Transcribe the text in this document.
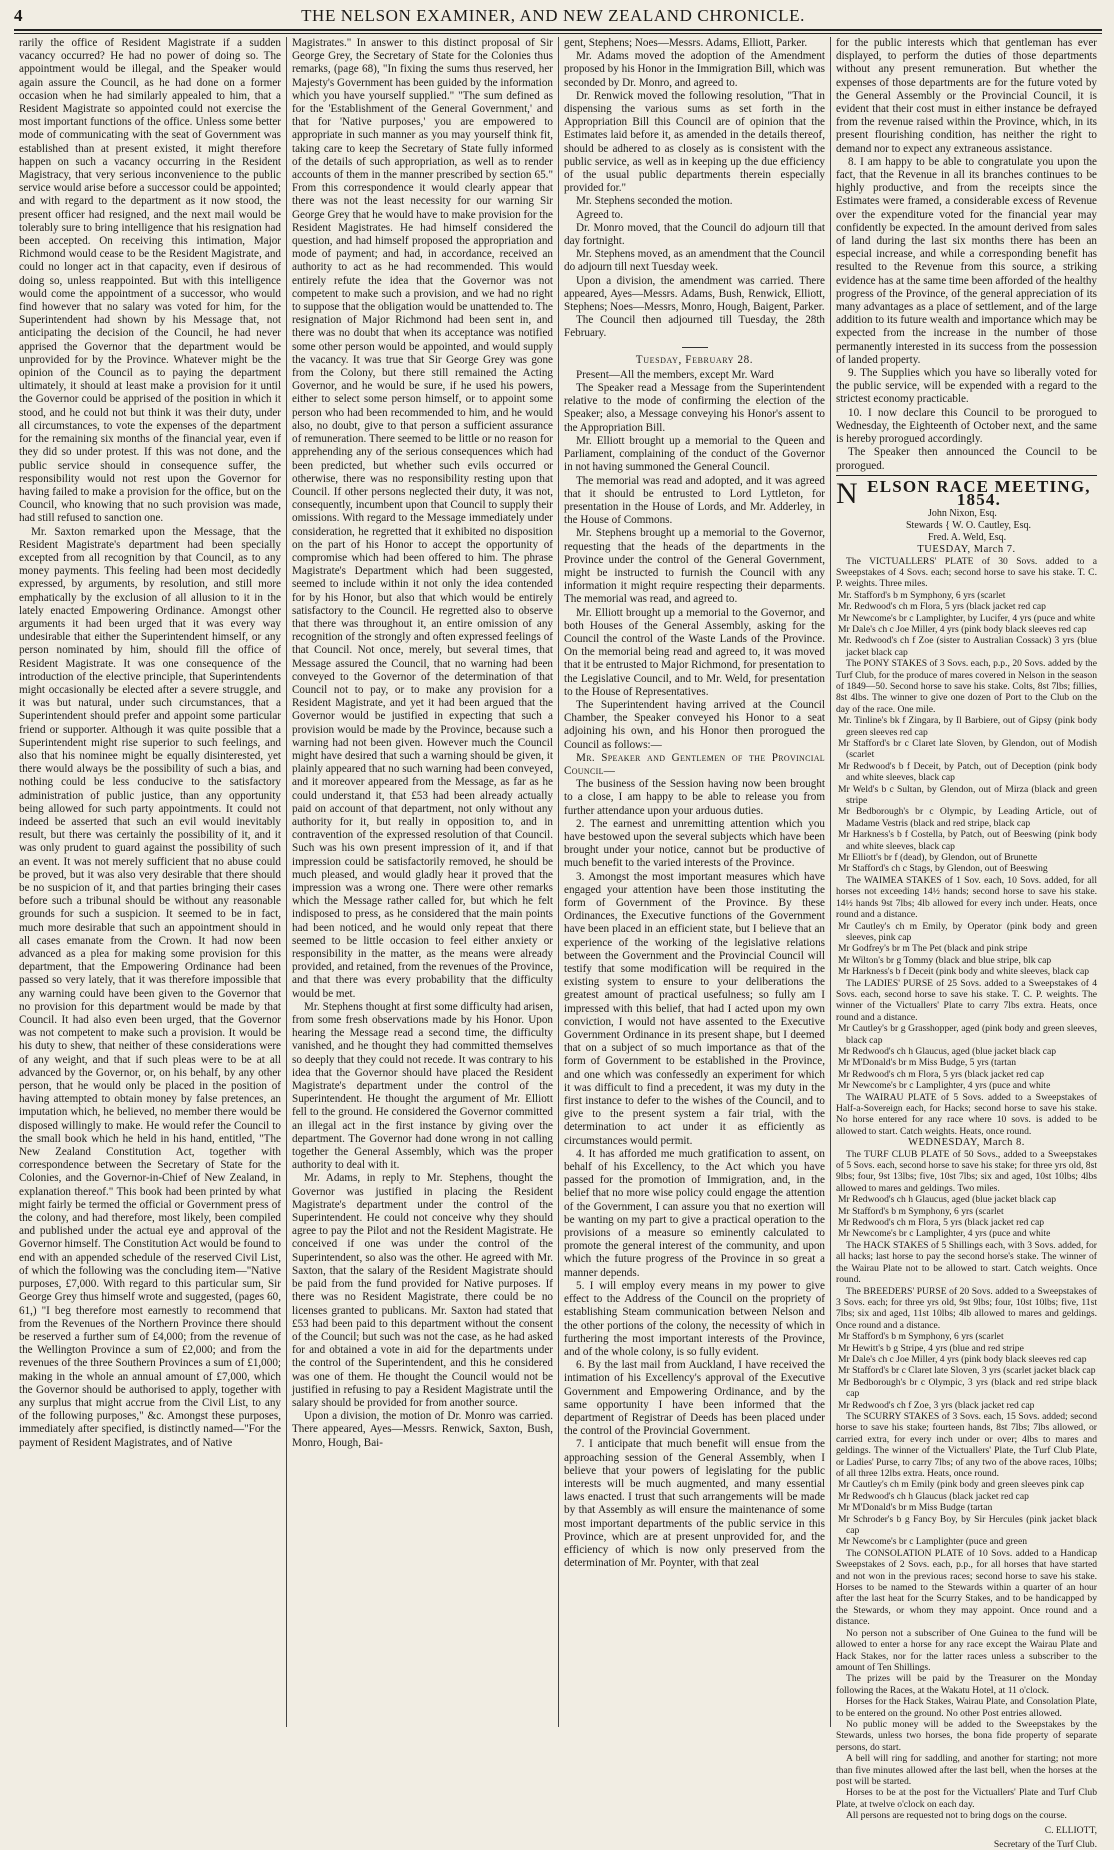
4	THE NELSON EXAMINER, AND NEW ZEALAND CHRONICLE.

rarily the office of Resident Magistrate if a sudden vacancy occurred? He had no power of doing so. The appointment would be illegal, and the Speaker would again assure the Council, as he had done on a former occasion when he had similarly appealed to him, that a Resident Magistrate so appointed could not exercise the most important functions of the office. Unless some better mode of communicating with the seat of Government was established than at present existed, it might therefore happen on such a vacancy occurring in the Resident Magistracy, that very serious inconvenience to the public service would arise before a successor could be appointed; and with regard to the department as it now stood, the present officer had resigned, and the next mail would be tolerably sure to bring intelligence that his resignation had been accepted. On receiving this intimation, Major Richmond would cease to be the Resident Magistrate, and could no longer act in that capacity, even if desirous of doing so, unless reappointed. But with this intelligence would come the appointment of a successor, who would find however that no salary was voted for him, for the Superintendent had shown by his Message that, not anticipating the decision of the Council, he had never apprised the Governor that the department would be unprovided for by the Province. Whatever might be the opinion of the Council as to paying the department ultimately, it should at least make a provision for it until the Governor could be apprised of the position in which it stood, and he could not but think it was their duty, under all circumstances, to vote the expenses of the department for the remaining six months of the financial year, even if they did so under protest. If this was not done, and the public service should in consequence suffer, the responsibility would not rest upon the Governor for having failed to make a provision for the office, but on the Council, who knowing that no such provision was made, had still refused to sanction one.

Mr. Saxton remarked upon the Message, that the Resident Magistrate's department had been specially excepted from all recognition by that Council, as to any money payments. This feeling had been most decidedly expressed, by arguments, by resolution, and still more emphatically by the exclusion of all allusion to it in the lately enacted Empowering Ordinance. Amongst other arguments it had been urged that it was every way undesirable that either the Superintendent himself, or any person nominated by him, should fill the office of Resident Magistrate. It was one consequence of the introduction of the elective principle, that Superintendents might occasionally be elected after a severe struggle, and it was but natural, under such circumstances, that a Superintendent should prefer and appoint some particular friend or supporter. Although it was quite possible that a Superintendent might rise superior to such feelings, and also that his nominee might be equally disinterested, yet there would always be the possibility of such a bias, and nothing could be less conducive to the satisfactory administration of public justice, than any opportunity being allowed for such party appointments. It could not indeed be asserted that such an evil would inevitably result, but there was certainly the possibility of it, and it was only prudent to guard against the possibility of such an event. It was not merely sufficient that no abuse could be proved, but it was also very desirable that there should be no suspicion of it, and that parties bringing their cases before such a tribunal should be without any reasonable grounds for such a suspicion. It seemed to be in fact, much more desirable that such an appointment should in all cases emanate from the Crown. It had now been advanced as a plea for making some provision for this department, that the Empowering Ordinance had been passed so very lately, that it was therefore impossible that any warning could have been given to the Governor that no provision for this department would be made by that Council. It had also even been urged, that the Governor was not competent to make such a provision. It would be his duty to shew, that neither of these considerations were of any weight, and that if such pleas were to be at all advanced by the Governor, or, on his behalf, by any other person, that he would only be placed in the position of having attempted to obtain money by false pretences, an imputation which, he believed, no member there would be disposed willingly to make. He would refer the Council to the small book which he held in his hand, entitled, "The New Zealand Constitution Act, together with correspondence between the Secretary of State for the Colonies, and the Governor-in-Chief of New Zealand, in explanation thereof." This book had been printed by what might fairly be termed the official or Government press of the colony, and had therefore, most likely, been compiled and published under the actual eye and approval of the Governor himself. The Constitution Act would be found to end with an appended schedule of the reserved Civil List, of which the following was the concluding item—"Native purposes, £7,000. With regard to this particular sum, Sir George Grey thus himself wrote and suggested, (pages 60, 61,) "I beg therefore most earnestly to recommend that from the Revenues of the Northern Province there should be reserved a further sum of £4,000; from the revenue of the Wellington Province a sum of £2,000; and from the revenues of the three Southern Provinces a sum of £1,000; making in the whole an annual amount of £7,000, which the Governor should be authorised to apply, together with any surplus that might accrue from the Civil List, to any of the following purposes," &c. Amongst these purposes, immediately after specified, is distinctly named—"For the payment of Resident Magistrates, and of Native

Magistrates." In answer to this distinct proposal of Sir George Grey, the Secretary of State for the Colonies thus remarks, (page 68), "In fixing the sums thus reserved, her Majesty's Government has been guided by the information which you have yourself supplied." "The sum defined as for the 'Establishment of the General Government,' and that for 'Native purposes,' you are empowered to appropriate in such manner as you may yourself think fit, taking care to keep the Secretary of State fully informed of the details of such appropriation, as well as to render accounts of them in the manner prescribed by section 65." From this correspondence it would clearly appear that there was not the least necessity for our warning Sir George Grey that he would have to make provision for the Resident Magistrates. He had himself considered the question, and had himself proposed the appropriation and mode of payment; and had, in accordance, received an authority to act as he had recommended. This would entirely refute the idea that the Governor was not competent to make such a provision, and we had no right to suppose that the obligation would be unattended to. The resignation of Major Richmond had been sent in, and there was no doubt that when its acceptance was notified some other person would be appointed, and would supply the vacancy. It was true that Sir George Grey was gone from the Colony, but there still remained the Acting Governor, and he would be sure, if he used his powers, either to select some person himself, or to appoint some person who had been recommended to him, and he would also, no doubt, give to that person a sufficient assurance of remuneration. There seemed to be little or no reason for apprehending any of the serious consequences which had been predicted, but whether such evils occurred or otherwise, there was no responsibility resting upon that Council. If other persons neglected their duty, it was not, consequently, incumbent upon that Council to supply their omissions. With regard to the Message immediately under consideration, he regretted that it exhibited no disposition on the part of his Honor to accept the opportunity of compromise which had been offered to him. The phrase Magistrate's Department which had been suggested, seemed to include within it not only the idea contended for by his Honor, but also that which would be entirely satisfactory to the Council. He regretted also to observe that there was throughout it, an entire omission of any recognition of the strongly and often expressed feelings of that Council. Not once, merely, but several times, that Message assured the Council, that no warning had been conveyed to the Governor of the determination of that Council not to pay, or to make any provision for a Resident Magistrate, and yet it had been argued that the Governor would be justified in expecting that such a provision would be made by the Province, because such a warning had not been given. However much the Council might have desired that such a warning should be given, it plainly appeared that no such warning had been conveyed, and it moreover appeared from the Message, as far as he could understand it, that £53 had been already actually paid on account of that department, not only without any authority for it, but really in opposition to, and in contravention of the expressed resolution of that Council. Such was his own present impression of it, and if that impression could be satisfactorily removed, he should be much pleased, and would gladly hear it proved that the impression was a wrong one. There were other remarks which the Message rather called for, but which he felt indisposed to press, as he considered that the main points had been noticed, and he would only repeat that there seemed to be little occasion to feel either anxiety or responsibility in the matter, as the means were already provided, and retained, from the revenues of the Province, and that there was every probability that the difficulty would be met.

Mr. Stephens thought at first some difficulty had arisen, from some fresh observations made by his Honor. Upon hearing the Message read a second time, the difficulty vanished, and he thought they had committed themselves so deeply that they could not recede. It was contrary to his idea that the Governor should have placed the Resident Magistrate's department under the control of the Superintendent. He thought the argument of Mr. Elliott fell to the ground. He considered the Governor committed an illegal act in the first instance by giving over the department. The Governor had done wrong in not calling together the General Assembly, which was the proper authority to deal with it.

Mr. Adams, in reply to Mr. Stephens, thought the Governor was justified in placing the Resident Magistrate's department under the control of the Superintendent. He could not conceive why they should agree to pay the Pilot and not the Resident Magistrate. He conceived if one was under the control of the Superintendent, so also was the other. He agreed with Mr. Saxton, that the salary of the Resident Magistrate should be paid from the fund provided for Native purposes. If there was no Resident Magistrate, there could be no licenses granted to publicans. Mr. Saxton had stated that £53 had been paid to this department without the consent of the Council; but such was not the case, as he had asked for and obtained a vote in aid for the departments under the control of the Superintendent, and this he considered was one of them. He thought the Council would not be justified in refusing to pay a Resident Magistrate until the salary should be provided for from another source.

Upon a division, the motion of Dr. Monro was carried. There appeared, Ayes—Messrs. Renwick, Saxton, Bush, Monro, Hough, Bai-

gent, Stephens; Noes—Messrs. Adams, Elliott, Parker.

Mr. Adams moved the adoption of the Amendment proposed by his Honor in the Immigration Bill, which was seconded by Dr. Monro, and agreed to.

Dr. Renwick moved the following resolution, "That in dispensing the various sums as set forth in the Appropriation Bill this Council are of opinion that the Estimates laid before it, as amended in the details thereof, should be adhered to as closely as is consistent with the public service, as well as in keeping up the due efficiency of the usual public departments therein especially provided for."

Mr. Stephens seconded the motion.

Agreed to.

Dr. Monro moved, that the Council do adjourn till that day fortnight.

Mr. Stephens moved, as an amendment that the Council do adjourn till next Tuesday week.

Upon a division, the amendment was carried. There appeared, Ayes—Messrs. Adams, Bush, Renwick, Elliott, Stephens; Noes—Messrs, Monro, Hough, Baigent, Parker.

The Council then adjourned till Tuesday, the 28th February.

Tuesday, February 28.

Present—All the members, except Mr. Ward

The Speaker read a Message from the Superintendent relative to the mode of confirming the election of the Speaker; also, a Message conveying his Honor's assent to the Appropriation Bill.

Mr. Elliott brought up a memorial to the Queen and Parliament, complaining of the conduct of the Governor in not having summoned the General Council.

The memorial was read and adopted, and it was agreed that it should be entrusted to Lord Lyttleton, for presentation in the House of Lords, and Mr. Adderley, in the House of Commons.

Mr. Stephens brought up a memorial to the Governor, requesting that the heads of the departments in the Province under the control of the General Government, might be instructed to furnish the Council with any information it might require respecting their deparments. The memorial was read, and agreed to.

Mr. Elliott brought up a memorial to the Governor, and both Houses of the General Assembly, asking for the Council the control of the Waste Lands of the Province. On the memorial being read and agreed to, it was moved that it be entrusted to Major Richmond, for presentation to the Legislative Council, and to Mr. Weld, for presentation to the House of Representatives.

The Superintendent having arrived at the Council Chamber, the Speaker conveyed his Honor to a seat adjoining his own, and his Honor then prorogued the Council as follows:—

Mr. Speaker and Gentlemen of the Provincial Council—

The business of the Session having now been brought to a close, I am happy to be able to release you from further attendance upon your arduous duties.

2. The earnest and unremitting attention which you have bestowed upon the several subjects which have been brought under your notice, cannot but be productive of much benefit to the varied interests of the Province.

3. Amongst the most important measures which have engaged your attention have been those instituting the form of Government of the Province. By these Ordinances, the Executive functions of the Government have been placed in an efficient state, but I believe that an experience of the working of the legislative relations between the Government and the Provincial Council will testify that some modification will be required in the existing system to ensure to your deliberations the greatest amount of practical usefulness; so fully am I impressed with this belief, that had I acted upon my own conviction, I would not have assented to the Executive Government Ordinance in its present shape, but I deemed that on a subject of so much importance as that of the form of Government to be established in the Province, and one which was confessedly an experiment for which it was difficult to find a precedent, it was my duty in the first instance to defer to the wishes of the Council, and to give to the present system a fair trial, with the determination to act under it as efficiently as circumstances would permit.

4. It has afforded me much gratification to assent, on behalf of his Excellency, to the Act which you have passed for the promotion of Immigration, and, in the belief that no more wise policy could engage the attention of the Government, I can assure you that no exertion will be wanting on my part to give a practical operation to the provisions of a measure so eminently calculated to promote the general interest of the community, and upon which the future progress of the Province in so great a manner depends.

5. I will employ every means in my power to give effect to the Address of the Council on the propriety of establishing Steam communication between Nelson and the other portions of the colony, the necessity of which in furthering the most important interests of the Province, and of the whole colony, is so fully evident.

6. By the last mail from Auckland, I have received the intimation of his Excellency's approval of the Executive Government and Empowering Ordinance, and by the same opportunity I have been informed that the department of Registrar of Deeds has been placed under the control of the Provincial Government.

7. I anticipate that much benefit will ensue from the approaching session of the General Assembly, when I believe that your powers of legislating for the public interests will be much augmented, and many essential laws enacted. I trust that such arrangements will be made by that Assembly as will ensure the maintenance of some most important departments of the public service in this Province, which are at present unprovided for, and the efficiency of which is now only preserved from the determination of Mr. Poynter, with that zeal

for the public interests which that gentleman has ever displayed, to perform the duties of those departments without any present remuneration. But whether the expenses of those departments are for the future voted by the General Assembly or the Provincial Council, it is evident that their cost must in either instance be defrayed from the revenue raised within the Province, which, in its present flourishing condition, has neither the right to demand nor to expect any extraneous assistance.

8. I am happy to be able to congratulate you upon the fact, that the Revenue in all its branches continues to be highly productive, and from the receipts since the Estimates were framed, a considerable excess of Revenue over the expenditure voted for the financial year may confidently be expected. In the amount derived from sales of land during the last six months there has been an especial increase, and while a corresponding benefit has resulted to the Revenue from this source, a striking evidence has at the same time been afforded of the healthy progress of the Province, of the general appreciation of its many advantages as a place of settlement, and of the large addition to its future wealth and importance which may be expected from the increase in the number of those permanently interested in its success from the possession of landed property.

9. The Supplies which you have so liberally voted for the public service, will be expended with a regard to the strictest economy practicable.

10. I now declare this Council to be prorogued to Wednesday, the Eighteenth of October next, and the same is hereby prorogued accordingly.

The Speaker then announced the Council to be prorogued.

N ELSON RACE MEETING, 1854.
John Nixon, Esq.
Stewards { W. O. Cautley, Esq.
Fred. A. Weld, Esq.

TUESDAY, March 7.

The VICTUALLERS' PLATE of 30 Sovs. added to a Sweepstakes of 4 Sovs. each; second horse to save his stake. T. C. P. weights. Three miles.

Mr. Stafford's b m Symphony, 6 yrs (scarlet

Mr. Redwood's ch m Flora, 5 yrs (black jacket red cap

Mr Newcome's br c Lamplighter, by Lucifer, 4 yrs (puce and white

Mr Dale's ch c Joe Miller, 4 yrs (pink body black sleeves red cap

Mr. Redwood's ch f Zoe (sister to Australian Cossack) 3 yrs (blue jacket black cap

The PONY STAKES of 3 Sovs. each, p.p., 20 Sovs. added by the Turf Club, for the produce of mares covered in Nelson in the season of 1849—50. Second horse to save his stake. Colts, 8st 7lbs; fillies, 8st 4lbs. The winner to give one dozen of Port to the Club on the day of the race. One mile.

Mr. Tinline's bk f Zingara, by Il Barbiere, out of Gipsy (pink body green sleeves red cap

Mr Stafford's br c Claret late Sloven, by Glendon, out of Modish (scarlet

Mr Redwood's b f Deceit, by Patch, out of Deception (pink body and white sleeves, black cap

Mr Weld's b c Sultan, by Glendon, out of Mirza (black and green stripe

Mr Bedborough's br c Olympic, by Leading Article, out of Madame Vestris (black and red stripe, black cap

Mr Harkness's b f Costella, by Patch, out of Beeswing (pink body and white sleeves, black cap

Mr Elliott's br f (dead), by Glendon, out of Brunette

Mr Stafford's ch c Stags, by Glendon, out of Beeswing

The WAIMEA STAKES of 1 Sov. each, 10 Sovs. added, for all horses not exceeding 14½ hands; second horse to save his stake. 14½ hands 9st 7lbs; 4lb allowed for every inch under. Heats, once round and a distance.

Mr Cautley's ch m Emily, by Operator (pink body and green sleeves, pink cap

Mr Godfrey's br m The Pet (black and pink stripe

Mr Wilton's br g Tommy (black and blue stripe, blk cap

Mr Harkness's b f Deceit (pink body and white sleeves, black cap

The LADIES' PURSE of 25 Sovs. added to a Sweepstakes of 4 Sovs. each, second horse to save his stake. T. C. P. weights. The winner of the Victuallers' Plate to carry 7lbs extra. Heats, once round and a distance.

Mr Cautley's br g Grasshopper, aged (pink body and green sleeves, black cap

Mr Redwood's ch h Glaucus, aged (blue jacket black cap

Mr M'Donald's br m Miss Budge, 5 yrs (tartan

Mr Redwood's ch m Flora, 5 yrs (black jacket red cap

Mr Newcome's br c Lamplighter, 4 yrs (puce and white

The WAIRAU PLATE of 5 Sovs. added to a Sweepstakes of Half-a-Sovereign each, for Hacks; second horse to save his stake. No horse entered for any race where 10 sovs. is added to be allowed to start. Catch weights. Heats, once round.

WEDNESDAY, March 8.

The TURF CLUB PLATE of 50 Sovs., added to a Sweepstakes of 5 Sovs. each, second horse to save his stake; for three yrs old, 8st 9lbs; four, 9st 13lbs; five, 10st 7lbs; six and aged, 10st 10lbs; 4lbs allowed to mares and geldings. Two miles.

Mr Redwood's ch h Glaucus, aged (blue jacket black cap

Mr Stafford's b m Symphony, 6 yrs (scarlet

Mr Redwood's ch m Flora, 5 yrs (black jacket red cap

Mr Newcome's br c Lamplighter, 4 yrs (puce and white

The HACK STAKES of 5 Shillings each, with 3 Sovs. added, for all hacks; last horse to pay the second horse's stake. The winner of the Wairau Plate not to be allowed to start. Catch weights. Once round.

The BREEDERS' PURSE of 20 Sovs. added to a Sweepstakes of 3 Sovs. each; for three yrs old, 9st 9lbs; four, 10st 10lbs; five, 11st 7lbs; six and aged, 11st 10lbs; 4lb allowed to mares and geldings. Once round and a distance.

Mr Stafford's b m Symphony, 6 yrs (scarlet

Mr Hewitt's b g Stripe, 4 yrs (blue and red stripe

Mr Dale's ch c Joe Miller, 4 yrs (pink body black sleeves red cap

Mr Stafford's br c Claret late Sloven, 3 yrs (scarlet jacket black cap

Mr Bedborough's br c Olympic, 3 yrs (black and red stripe black cap

Mr Redwood's ch f Zoe, 3 yrs (black jacket red cap

The SCURRY STAKES of 3 Sovs. each, 15 Sovs. added; second horse to save his stake; fourteen hands, 8st 7lbs; 7lbs allowed, or carried extra, for every inch under or over; 4lbs to mares and geldings. The winner of the Victuallers' Plate, the Turf Club Plate, or Ladies' Purse, to carry 7lbs; of any two of the above races, 10lbs; of all three 12lbs extra. Heats, once round.

Mr Cautley's ch m Emily (pink body and green sleeves pink cap

Mr Redwood's ch h Glaucus (black jacket red cap

Mr M'Donald's br m Miss Budge (tartan

Mr Schroder's b g Fancy Boy, by Sir Hercules (pink jacket black cap

Mr Newcome's br c Lamplighter (puce and green

The CONSOLATION PLATE of 10 Sovs. added to a Handicap Sweepstakes of 2 Sovs. each, p.p., for all horses that have started and not won in the previous races; second horse to save his stake. Horses to be named to the Stewards within a quarter of an hour after the last heat for the Scurry Stakes, and to be handicapped by the Stewards, or whom they may appoint. Once round and a distance.

No person not a subscriber of One Guinea to the fund will be allowed to enter a horse for any race except the Wairau Plate and Hack Stakes, nor for the latter races unless a subscriber to the amount of Ten Shillings.

The prizes will be paid by the Treasurer on the Monday following the Races, at the Wakatu Hotel, at 11 o'clock.

Horses for the Hack Stakes, Wairau Plate, and Consolation Plate, to be entered on the ground. No other Post entries allowed.

No public money will be added to the Sweepstakes by the Stewards, unless two horses, the bona fide property of separate persons, do start.

A bell will ring for saddling, and another for starting; not more than five minutes allowed after the last bell, when the horses at the post will be started.

Horses to be at the post for the Victuallers' Plate and Turf Club Plate, at twelve o'clock on each day.

All persons are requested not to bring dogs on the course.

C. ELLIOTT,
Secretary of the Turf Club.
